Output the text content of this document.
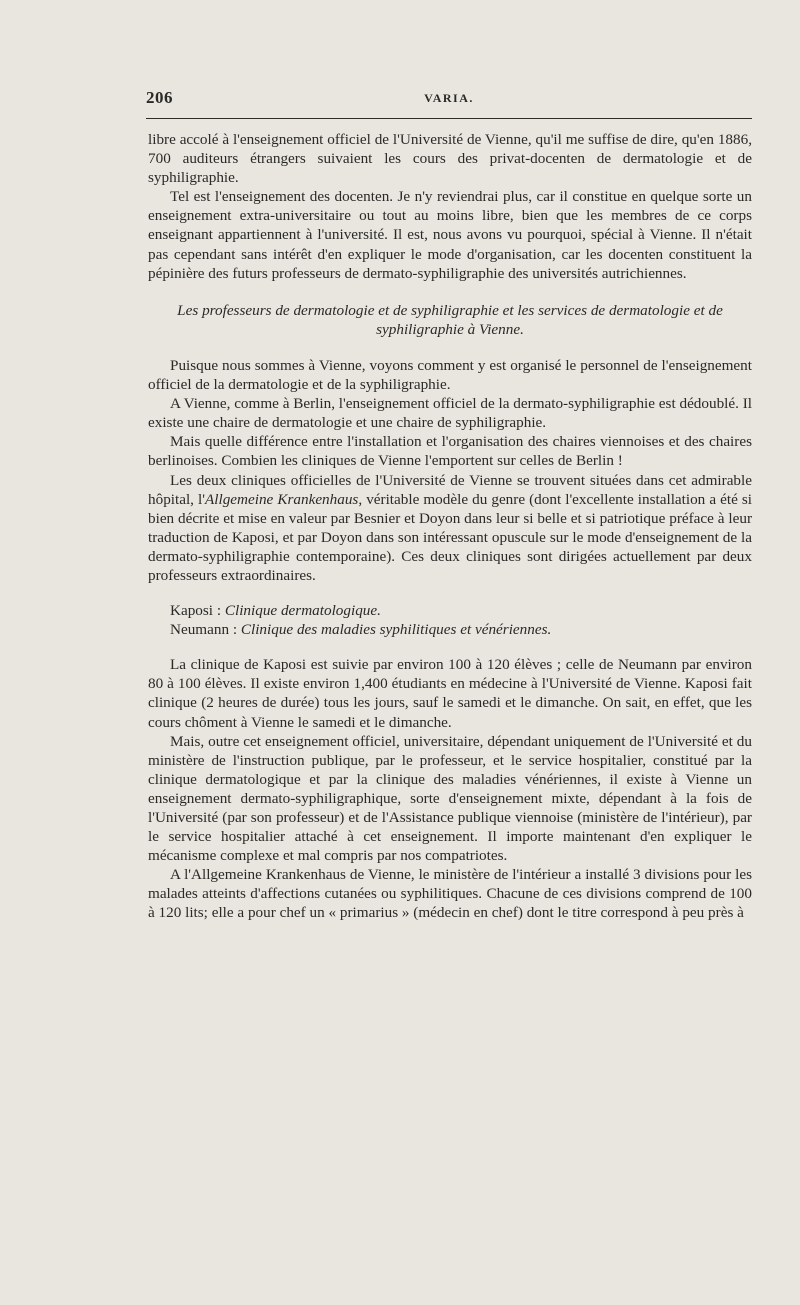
206	VARIA.

libre accolé à l'enseignement officiel de l'Université de Vienne, qu'il me suffise de dire, qu'en 1886, 700 auditeurs étrangers suivaient les cours des privat-docenten de dermatologie et de syphiligraphie.

Tel est l'enseignement des docenten. Je n'y reviendrai plus, car il constitue en quelque sorte un enseignement extra-universitaire ou tout au moins libre, bien que les membres de ce corps enseignant appartiennent à l'université. Il est, nous avons vu pourquoi, spécial à Vienne. Il n'était pas cependant sans intérêt d'en expliquer le mode d'organisation, car les docenten constituent la pépinière des futurs professeurs de dermato-syphiligraphie des universités autrichiennes.

Les professeurs de dermatologie et de syphiligraphie et les services de dermatologie et de syphiligraphie à Vienne.

Puisque nous sommes à Vienne, voyons comment y est organisé le personnel de l'enseignement officiel de la dermatologie et de la syphiligraphie.

A Vienne, comme à Berlin, l'enseignement officiel de la dermato-syphiligraphie est dédoublé. Il existe une chaire de dermatologie et une chaire de syphiligraphie.

Mais quelle différence entre l'installation et l'organisation des chaires viennoises et des chaires berlinoises. Combien les cliniques de Vienne l'emportent sur celles de Berlin !

Les deux cliniques officielles de l'Université de Vienne se trouvent situées dans cet admirable hôpital, l'Allgemeine Krankenhaus, véritable modèle du genre (dont l'excellente installation a été si bien décrite et mise en valeur par Besnier et Doyon dans leur si belle et si patriotique préface à leur traduction de Kaposi, et par Doyon dans son intéressant opuscule sur le mode d'enseignement de la dermato-syphiligraphie contemporaine). Ces deux cliniques sont dirigées actuellement par deux professeurs extraordinaires.

Kaposi : Clinique dermatologique.

Neumann : Clinique des maladies syphilitiques et vénériennes.

La clinique de Kaposi est suivie par environ 100 à 120 élèves ; celle de Neumann par environ 80 à 100 élèves. Il existe environ 1,400 étudiants en médecine à l'Université de Vienne. Kaposi fait clinique (2 heures de durée) tous les jours, sauf le samedi et le dimanche. On sait, en effet, que les cours chôment à Vienne le samedi et le dimanche.

Mais, outre cet enseignement officiel, universitaire, dépendant uniquement de l'Université et du ministère de l'instruction publique, par le professeur, et le service hospitalier, constitué par la clinique dermatologique et par la clinique des maladies vénériennes, il existe à Vienne un enseignement dermato-syphiligraphique, sorte d'enseignement mixte, dépendant à la fois de l'Université (par son professeur) et de l'Assistance publique viennoise (ministère de l'intérieur), par le service hospitalier attaché à cet enseignement. Il importe maintenant d'en expliquer le mécanisme complexe et mal compris par nos compatriotes.

A l'Allgemeine Krankenhaus de Vienne, le ministère de l'intérieur a installé 3 divisions pour les malades atteints d'affections cutanées ou syphilitiques. Chacune de ces divisions comprend de 100 à 120 lits; elle a pour chef un « primarius » (médecin en chef) dont le titre correspond à peu près à
